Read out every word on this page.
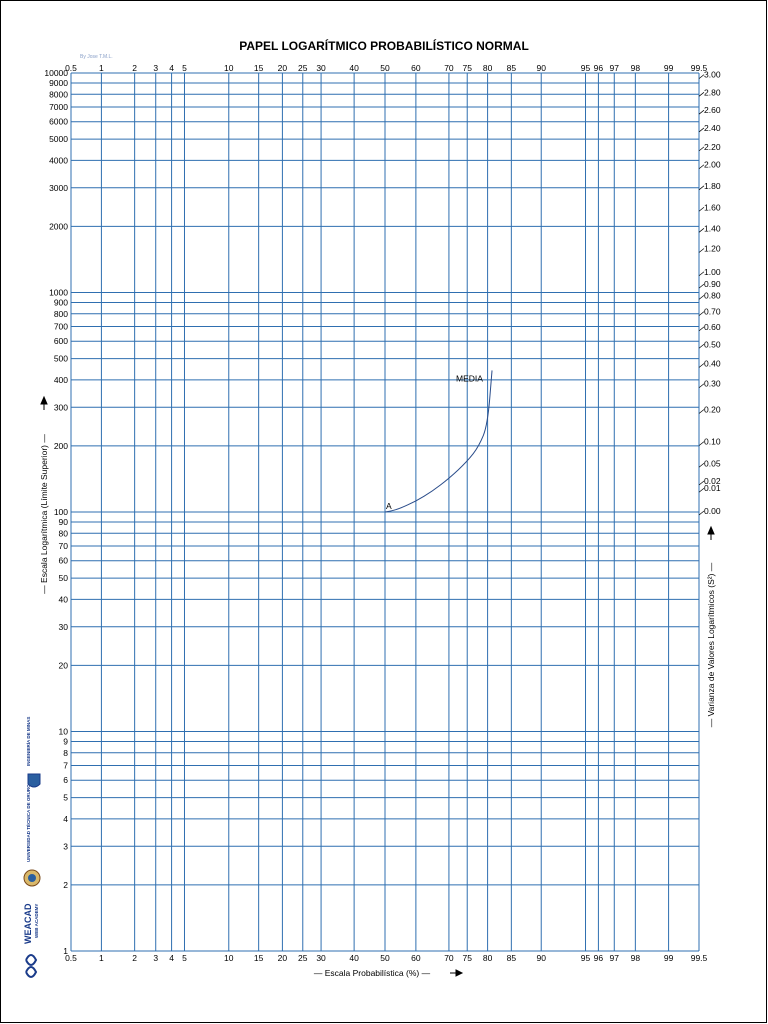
PAPEL LOGARÍTMICO PROBABILÍSTICO NORMAL
By Jose T.M.L.
0.5
0.5
1
1
2
2
3
3
4
4
5
5
10
10
15
15
20
20
25
25
30
30
40
40
50
50
60
60
70
70
75
75
80
80
85
85
90
90
95
95
96
96
97
97
98
98
99
99
99.5
99.5
1
2
3
4
5
6
7
8
9
10
20
30
40
50
60
70
80
90
100
200
300
400
500
600
700
800
900
1000
2000
3000
4000
5000
6000
7000
8000
9000
10000	3.00
2.80
2.60
2.40
2.20
2.00
1.80
1.60
1.40
1.20
1.00
0.90
0.80
0.70
0.60
0.50
0.40
0.30
0.20
0.10
0.05
0.02
0.01
0.00
A
MEDIA
— Escala Probabilística (%) —
— Escala Logarítmica (Límite Superior) —
— Varianza de Valores Logarítmicos (S²) —
INGENIERÍA DE MINAS
UNIVERSIDAD TÉCNICA DE ORURO
WEACAD WEB ACADEMY
